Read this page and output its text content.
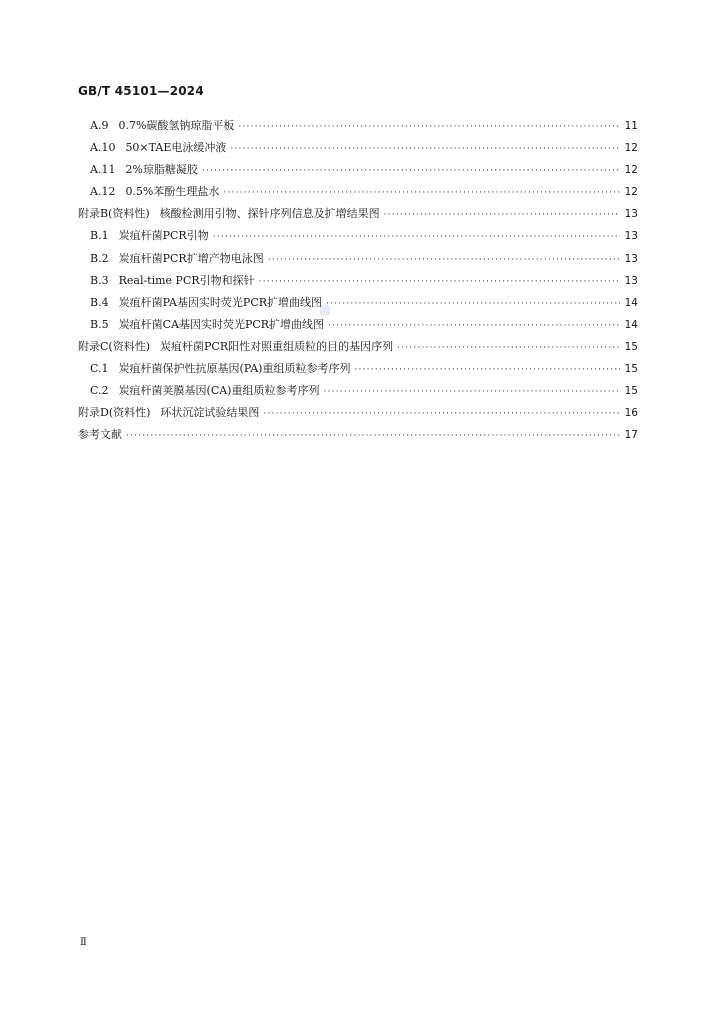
GB/T 45101—2024
A.9 0.7%碳酸氢钠琼脂平板 ·····	11
A.10 50×TAE电泳缓冲液 ·····	12
A.11 2%琼脂糖凝胶 ·····	12
A.12 0.5%苯酚生理盐水 ·····	12
附录B(资料性) 核酸检测用引物、探针序列信息及扩增结果图 ·····	13
B.1 炭疽杆菌PCR引物 ·····	13
B.2 炭疽杆菌PCR扩增产物电泳图 ·····	13
B.3 Real-time PCR引物和探针 ·····	13
B.4 炭疽杆菌PA基因实时荧光PCR扩增曲线图 ·····	14
B.5 炭疽杆菌CA基因实时荧光PCR扩增曲线图 ·····	14
附录C(资料性) 炭疽杆菌PCR阳性对照重组质粒的目的基因序列 ·····	15
C.1 炭疽杆菌保护性抗原基因(PA)重组质粒参考序列 ·····	15
C.2 炭疽杆菌荚膜基因(CA)重组质粒参考序列 ·····	15
附录D(资料性) 环状沉淀试验结果图 ·····	16
参考文献 ·····	17
Ⅱ
